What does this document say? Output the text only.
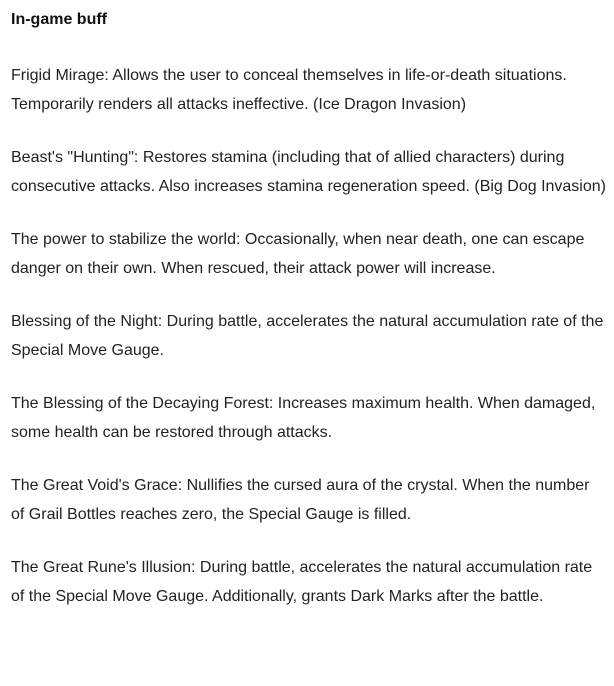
In-game buff

Frigid Mirage: Allows the user to conceal themselves in life-or-death situations. Temporarily renders all attacks ineffective. (Ice Dragon Invasion)

Beast's "Hunting": Restores stamina (including that of allied characters) during consecutive attacks. Also increases stamina regeneration speed. (Big Dog Invasion)

The power to stabilize the world: Occasionally, when near death, one can escape danger on their own. When rescued, their attack power will increase.

Blessing of the Night: During battle, accelerates the natural accumulation rate of the Special Move Gauge.

The Blessing of the Decaying Forest: Increases maximum health. When damaged, some health can be restored through attacks.

The Great Void's Grace: Nullifies the cursed aura of the crystal. When the number of Grail Bottles reaches zero, the Special Gauge is filled.

The Great Rune's Illusion: During battle, accelerates the natural accumulation rate of the Special Move Gauge. Additionally, grants Dark Marks after the battle.
